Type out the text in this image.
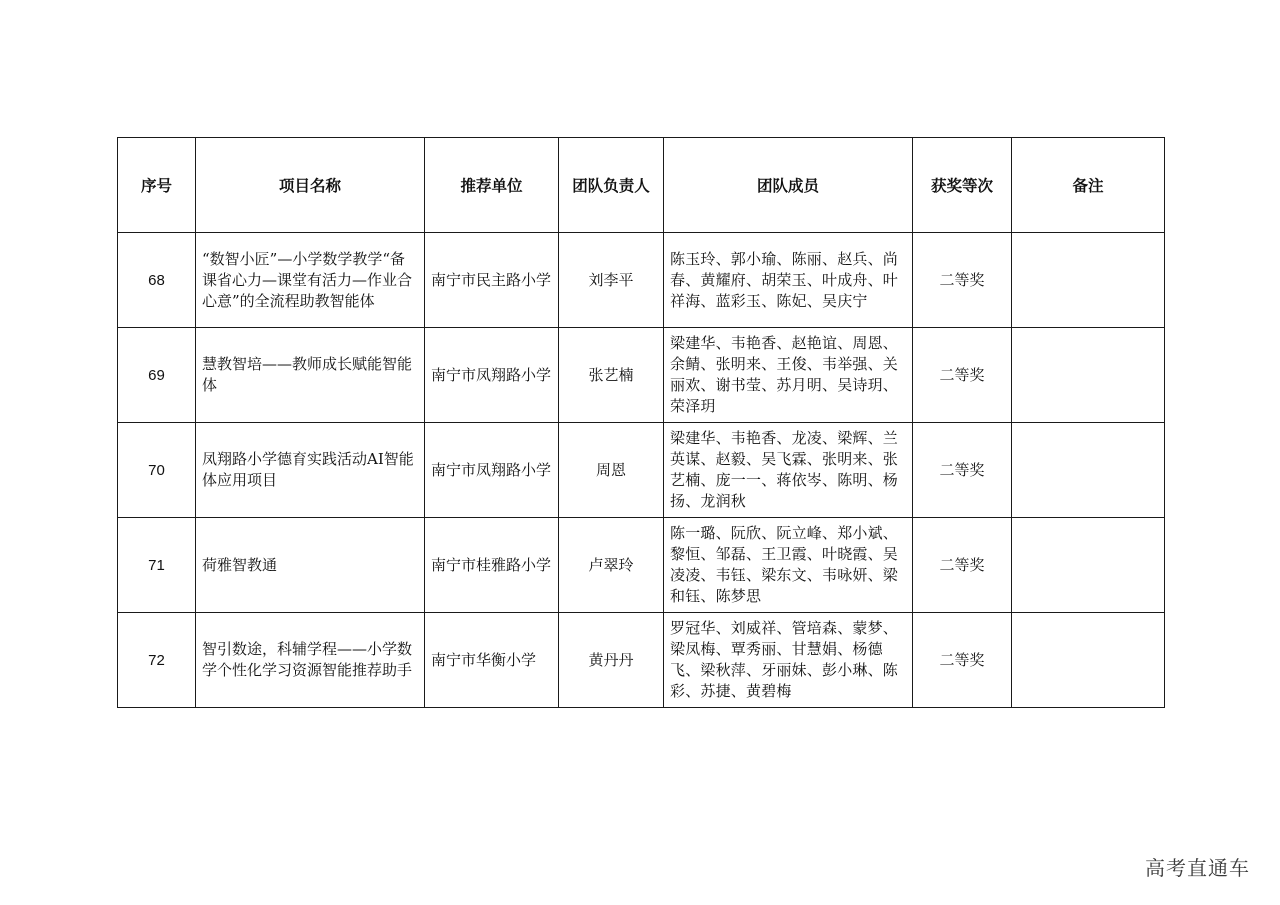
序号	项目名称	推荐单位	团队负责人	团队成员	获奖等次	备注
68	“数智小匠”—小学数学教学“备课省心力—课堂有活力—作业合心意”的全流程助教智能体	南宁市民主路小学	刘李平	陈玉玲、郭小瑜、陈丽、赵兵、尚春、黄耀府、胡荣玉、叶成舟、叶祥海、蓝彩玉、陈妃、吴庆宁	二等奖	
69	慧教智培——教师成长赋能智能体	南宁市凤翔路小学	张艺楠	梁建华、韦艳香、赵艳谊、周恩、余鲭、张明来、王俊、韦举强、关丽欢、谢书莹、苏月明、吴诗玥、荣泽玥	二等奖	
70	凤翔路小学德育实践活动AI智能体应用项目	南宁市凤翔路小学	周恩	梁建华、韦艳香、龙凌、梁辉、兰英谋、赵毅、吴飞霖、张明来、张艺楠、庞一一、蒋依岑、陈明、杨扬、龙润秋	二等奖	
71	荷雅智教通	南宁市桂雅路小学	卢翠玲	陈一璐、阮欣、阮立峰、郑小斌、黎恒、邹磊、王卫霞、叶晓霞、吴凌凌、韦钰、梁东文、韦咏妍、梁和钰、陈梦思	二等奖	
72	智引数途，科辅学程——小学数学个性化学习资源智能推荐助手	南宁市华衡小学	黄丹丹	罗冠华、刘威祥、管培森、蒙梦、梁凤梅、覃秀丽、甘慧娟、杨德飞、梁秋萍、牙丽妹、彭小琳、陈彩、苏捷、黄碧梅	二等奖	
高考直通车
